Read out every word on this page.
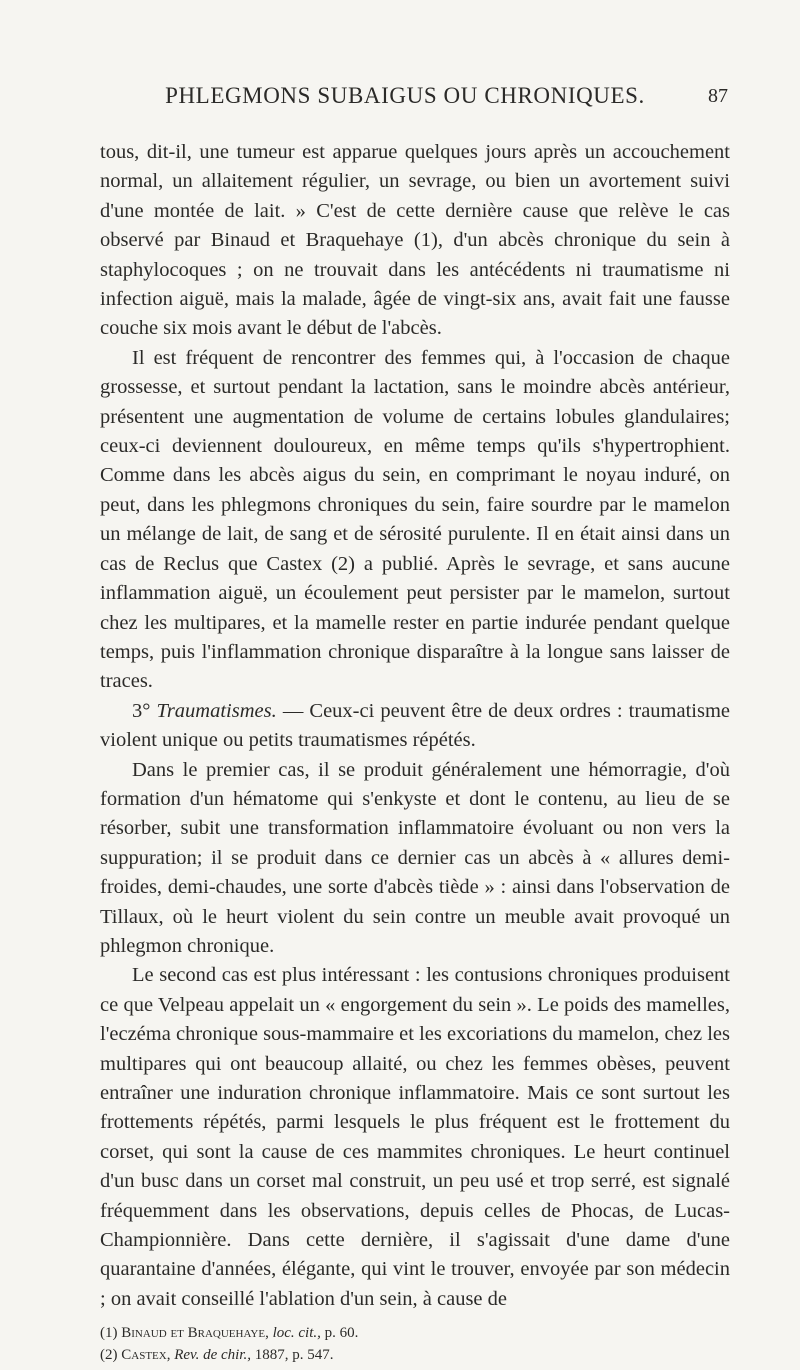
PHLEGMONS SUBAIGUS OU CHRONIQUES.	87

tous, dit-il, une tumeur est apparue quelques jours après un accouchement normal, un allaitement régulier, un sevrage, ou bien un avortement suivi d'une montée de lait. » C'est de cette dernière cause que relève le cas observé par Binaud et Braquehaye (1), d'un abcès chronique du sein à staphylocoques ; on ne trouvait dans les antécédents ni traumatisme ni infection aiguë, mais la malade, âgée de vingt-six ans, avait fait une fausse couche six mois avant le début de l'abcès.

Il est fréquent de rencontrer des femmes qui, à l'occasion de chaque grossesse, et surtout pendant la lactation, sans le moindre abcès antérieur, présentent une augmentation de volume de certains lobules glandulaires; ceux-ci deviennent douloureux, en même temps qu'ils s'hypertrophient. Comme dans les abcès aigus du sein, en comprimant le noyau induré, on peut, dans les phlegmons chroniques du sein, faire sourdre par le mamelon un mélange de lait, de sang et de sérosité purulente. Il en était ainsi dans un cas de Reclus que Castex (2) a publié. Après le sevrage, et sans aucune inflammation aiguë, un écoulement peut persister par le mamelon, surtout chez les multipares, et la mamelle rester en partie indurée pendant quelque temps, puis l'inflammation chronique disparaître à la longue sans laisser de traces.

3° Traumatismes. — Ceux-ci peuvent être de deux ordres : traumatisme violent unique ou petits traumatismes répétés.

Dans le premier cas, il se produit généralement une hémorragie, d'où formation d'un hématome qui s'enkyste et dont le contenu, au lieu de se résorber, subit une transformation inflammatoire évoluant ou non vers la suppuration; il se produit dans ce dernier cas un abcès à « allures demi-froides, demi-chaudes, une sorte d'abcès tiède » : ainsi dans l'observation de Tillaux, où le heurt violent du sein contre un meuble avait provoqué un phlegmon chronique.

Le second cas est plus intéressant : les contusions chroniques produisent ce que Velpeau appelait un « engorgement du sein ». Le poids des mamelles, l'eczéma chronique sous-mammaire et les excoriations du mamelon, chez les multipares qui ont beaucoup allaité, ou chez les femmes obèses, peuvent entraîner une induration chronique inflammatoire. Mais ce sont surtout les frottements répétés, parmi lesquels le plus fréquent est le frottement du corset, qui sont la cause de ces mammites chroniques. Le heurt continuel d'un busc dans un corset mal construit, un peu usé et trop serré, est signalé fréquemment dans les observations, depuis celles de Phocas, de Lucas-Championnière. Dans cette dernière, il s'agissait d'une dame d'une quarantaine d'années, élégante, qui vint le trouver, envoyée par son médecin ; on avait conseillé l'ablation d'un sein, à cause de

(1) Binaud et Braquehaye, loc. cit., p. 60.

(2) Castex, Rev. de chir., 1887, p. 547.
